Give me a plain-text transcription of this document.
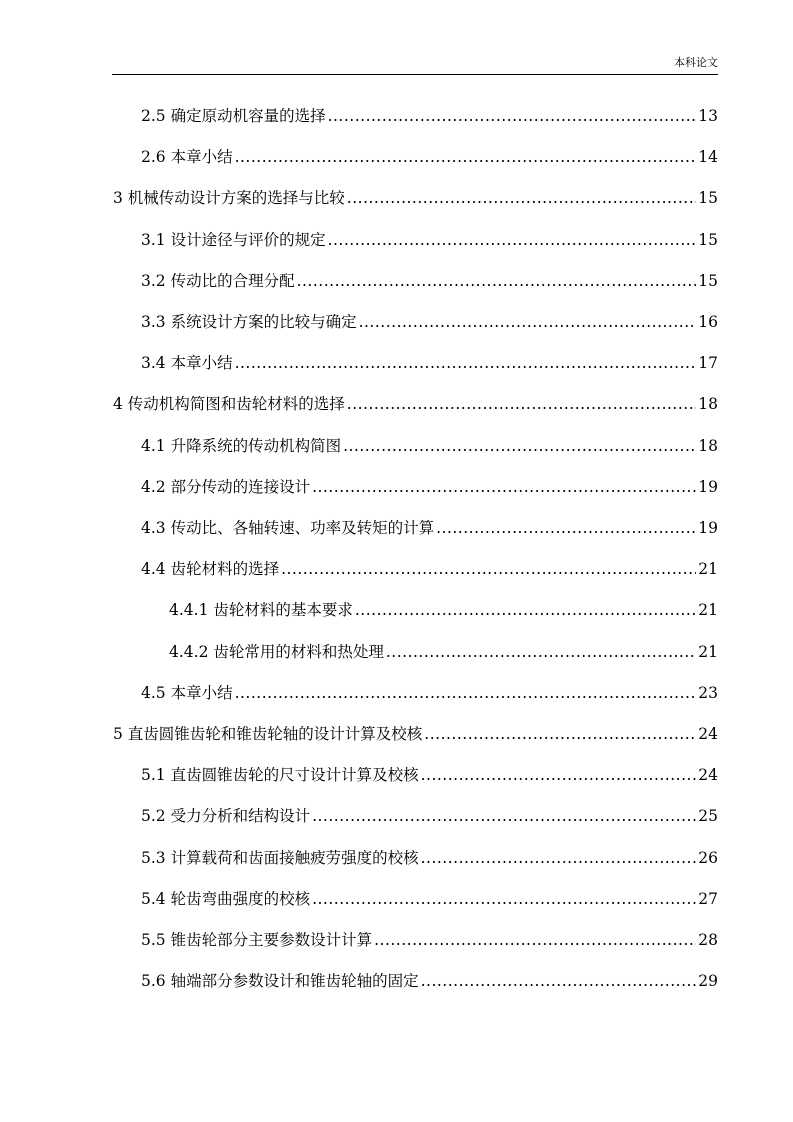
本科论文
2.5 确定原动机容量的选择 .....	13
2.6 本章小结 .....	14
3 机械传动设计方案的选择与比较 .....	15
3.1 设计途径与评价的规定 .....	15
3.2 传动比的合理分配 .....	15
3.3 系统设计方案的比较与确定 .....	16
3.4 本章小结 .....	17
4 传动机构简图和齿轮材料的选择 .....	18
4.1 升降系统的传动机构简图 .....	18
4.2 部分传动的连接设计 .....	19
4.3 传动比、各轴转速、功率及转矩的计算 .....	19
4.4 齿轮材料的选择 .....	21
4.4.1 齿轮材料的基本要求 .....	21
4.4.2 齿轮常用的材料和热处理 .....	21
4.5 本章小结 .....	23
5 直齿圆锥齿轮和锥齿轮轴的设计计算及校核 .....	24
5.1 直齿圆锥齿轮的尺寸设计计算及校核 .....	24
5.2 受力分析和结构设计 .....	25
5.3 计算载荷和齿面接触疲劳强度的校核 .....	26
5.4 轮齿弯曲强度的校核 .....	27
5.5 锥齿轮部分主要参数设计计算 .....	28
5.6 轴端部分参数设计和锥齿轮轴的固定 .....	29
